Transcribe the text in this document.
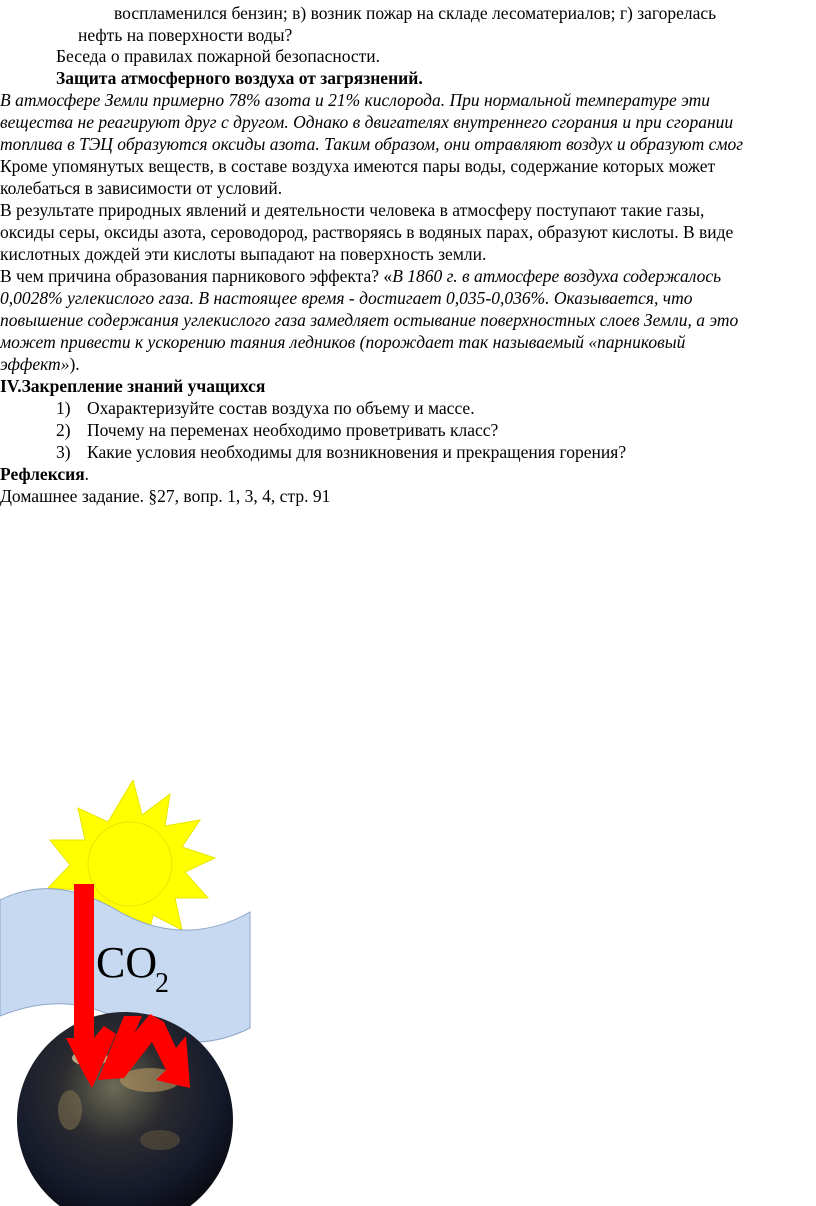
воспламенился бензин; в) возник пожар на складе лесоматериалов; г) загорелась
нефть на поверхности воды?
Беседа о правилах пожарной безопасности.
Защита атмосферного воздуха от загрязнений.
В атмосфере Земли примерно 78% азота и 21% кислорода. При нормальной температуре эти
вещества не реагируют друг с другом. Однако в двигателях внутреннего сгорания и при сгорании
топлива в ТЭЦ образуются оксиды азота. Таким образом, они отравляют воздух и образуют смог
Кроме упомянутых веществ, в составе воздуха имеются пары воды, содержание которых может
колебаться в зависимости от условий.
В результате природных явлений и деятельности человека в атмосферу поступают такие газы,
оксиды серы, оксиды азота, сероводород, растворяясь в водяных парах, образуют кислоты. В виде
кислотных дождей эти кислоты выпадают на поверхность земли.
В чем причина образования парникового эффекта? «В 1860 г. в атмосфере воздуха содержалось
0,0028% углекислого газа. В настоящее время - достигает 0,035-0,036%. Оказывается, что
повышение содержания углекислого газа замедляет остывание поверхностных слоев Земли, а это
может привести к ускорению таяния ледников (порождает так называемый «парниковый
эффект»).
IV.Закрепление знаний учащихся
1) Охарактеризуйте состав воздуха по объему и массе.
2) Почему на переменах необходимо проветривать класс?
3) Какие условия необходимы для возникновения и прекращения горения?
Рефлексия.
Домашнее задание. §27, вопр. 1, 3, 4, стр. 91
CO
2
